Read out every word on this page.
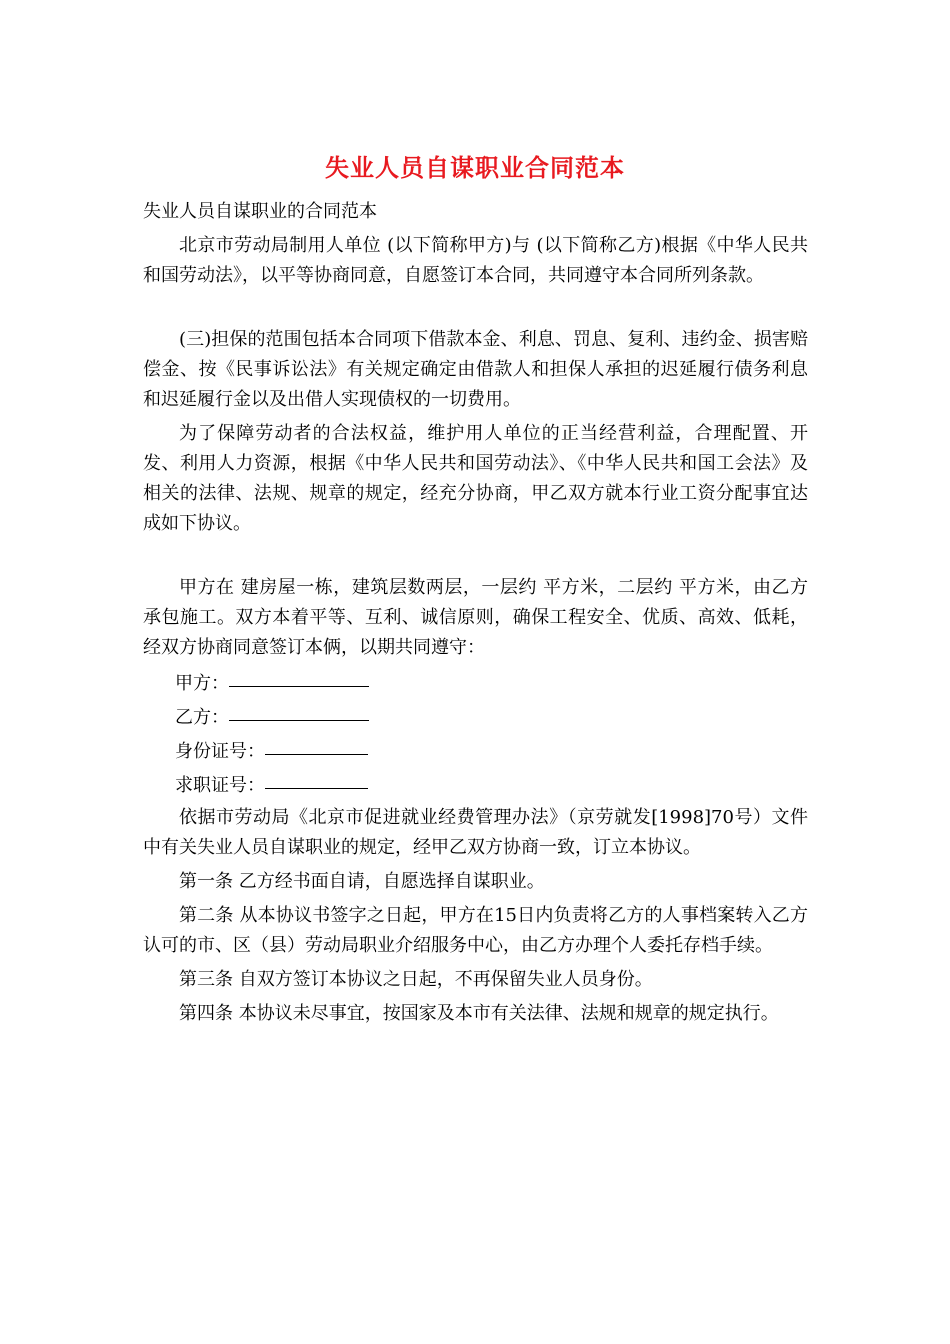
失业人员自谋职业合同范本

失业人员自谋职业的合同范本

北京市劳动局制用人单位 (以下简称甲方)与 (以下简称乙方)根据《中华人民共和国劳动法》，以平等协商同意，自愿签订本合同，共同遵守本合同所列条款。

(三)担保的范围包括本合同项下借款本金、利息、罚息、复利、违约金、损害赔偿金、按《民事诉讼法》有关规定确定由借款人和担保人承担的迟延履行债务利息和迟延履行金以及出借人实现债权的一切费用。

为了保障劳动者的合法权益，维护用人单位的正当经营利益，合理配置、开发、利用人力资源，根据《中华人民共和国劳动法》、《中华人民共和国工会法》及相关的法律、法规、规章的规定，经充分协商，甲乙双方就本行业工资分配事宜达成如下协议。

甲方在 建房屋一栋，建筑层数两层，一层约 平方米，二层约 平方米，由乙方承包施工。双方本着平等、互利、诚信原则，确保工程安全、优质、高效、低耗，经双方协商同意签订本俩，以期共同遵守：

甲方：
乙方：
身份证号：
求职证号：

依据市劳动局《北京市促进就业经费管理办法》（京劳就发[1998]70号）文件中有关失业人员自谋职业的规定，经甲乙双方协商一致，订立本协议。

第一条 乙方经书面自请，自愿选择自谋职业。

第二条 从本协议书签字之日起，甲方在15日内负责将乙方的人事档案转入乙方认可的市、区（县）劳动局职业介绍服务中心，由乙方办理个人委托存档手续。

第三条 自双方签订本协议之日起，不再保留失业人员身份。

第四条 本协议未尽事宜，按国家及本市有关法律、法规和规章的规定执行。
